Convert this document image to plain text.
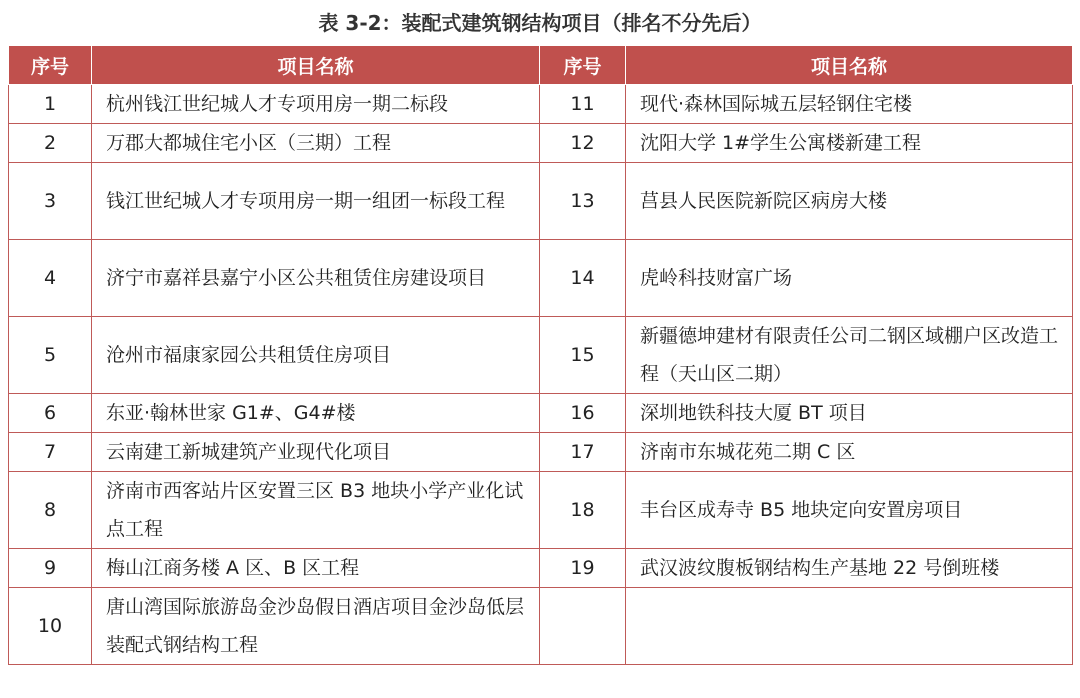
表 3-2：装配式建筑钢结构项目（排名不分先后）
序号	项目名称	序号	项目名称
1	杭州钱江世纪城人才专项用房一期二标段	11	现代·森林国际城五层轻钢住宅楼
2	万郡大都城住宅小区（三期）工程	12	沈阳大学 1#学生公寓楼新建工程
3	钱江世纪城人才专项用房一期一组团一标段工程	13	莒县人民医院新院区病房大楼
4	济宁市嘉祥县嘉宁小区公共租赁住房建设项目	14	虎岭科技财富广场
5	沧州市福康家园公共租赁住房项目	15	新疆德坤建材有限责任公司二钢区域棚户区改造工程（天山区二期）
6	东亚·翰林世家 G1#、G4#楼	16	深圳地铁科技大厦 BT 项目
7	云南建工新城建筑产业现代化项目	17	济南市东城花苑二期 C 区
8	济南市西客站片区安置三区 B3 地块小学产业化试点工程	18	丰台区成寿寺 B5 地块定向安置房项目
9	梅山江商务楼 A 区、B 区工程	19	武汉波纹腹板钢结构生产基地 22 号倒班楼
10	唐山湾国际旅游岛金沙岛假日酒店项目金沙岛低层装配式钢结构工程		
